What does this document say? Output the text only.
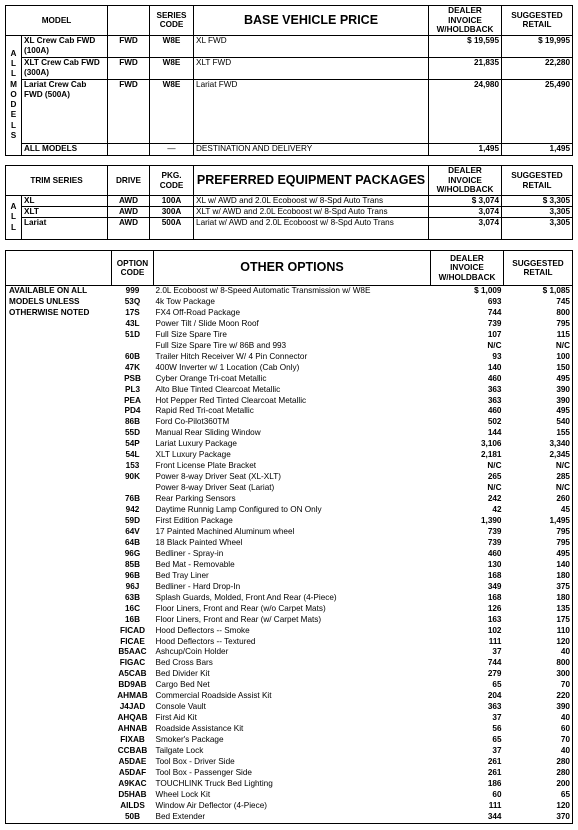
MODEL			SERIES CODE	BASE VEHICLE PRICE	DEALER INVOICE W/HOLDBACK	SUGGESTED RETAIL

A L L M O D E L S	XL Crew Cab FWD (100A)	FWD	W8E	XL FWD	$ 19,595	$ 19,995
	XLT Crew Cab FWD (300A)	FWD	W8E	XLT FWD	21,835	22,280
	Lariat Crew Cab FWD (500A)	FWD	W8E	Lariat FWD	24,980	25,490
	ALL MODELS		—	DESTINATION AND DELIVERY	1,495	1,495
TRIM SERIES		DRIVE	PKG. CODE	PREFERRED EQUIPMENT PACKAGES	DEALER INVOICE W/HOLDBACK	SUGGESTED RETAIL

A L L	XL	AWD	100A	XL w/ AWD and 2.0L Ecoboost w/ 8-Spd Auto Trans	$ 3,074	$ 3,305
	XLT	AWD	300A	XLT w/ AWD and 2.0L Ecoboost w/ 8-Spd Auto Trans	3,074	3,305
	Lariat	AWD	500A	Lariat w/ AWD and 2.0L Ecoboost w/ 8-Spd Auto Trans	3,074	3,305
	OPTION CODE	OTHER OPTIONS	DEALER INVOICE W/HOLDBACK	SUGGESTED RETAIL
AVAILABLE ON ALL MODELS UNLESS OTHERWISE NOTED	999	2.0L Ecoboost w/ 8-Speed Automatic Transmission w/ W8E	$ 1,009	$ 1,085
	53Q	4k Tow Package	693	745
	17S	FX4 Off-Road Package	744	800
	43L	Power Tilt / Slide Moon Roof	739	795
	51D	Full Size Spare Tire	107	115
		Full Size Spare Tire w/ 86B and 993	N/C	N/C
	60B	Trailer Hitch Receiver W/ 4 Pin Connector	93	100
	47K	400W Inverter w/ 1 Location (Cab Only)	140	150
	PSB	Cyber Orange Tri-coat Metallic	460	495
	PL3	Alto Blue Tinted Clearcoat Metallic	363	390
	PEA	Hot Pepper Red Tinted Clearcoat Metallic	363	390
	PD4	Rapid Red Tri-coat Metallic	460	495
	86B	Ford Co-Pilot360TM	502	540
	55D	Manual Rear Sliding Window	144	155
	54P	Lariat Luxury Package	3,106	3,340
	54L	XLT Luxury Package	2,181	2,345
	153	Front License Plate Bracket	N/C	N/C
	90K	Power 8-way Driver Seat (XL-XLT)	265	285
		Power 8-way Driver Seat (Lariat)	N/C	N/C
	76B	Rear Parking Sensors	242	260
	942	Daytime Runnig Lamp Configured to ON Only	42	45
	59D	First Edition Package	1,390	1,495
	64V	17 Painted Machined Aluminum wheel	739	795
	64B	18 Black Painted Wheel	739	795
	96G	Bedliner - Spray-in	460	495
	85B	Bed Mat - Removable	130	140
	96B	Bed Tray Liner	168	180
	96J	Bedliner - Hard Drop-In	349	375
	63B	Splash Guards, Molded, Front And Rear (4-Piece)	168	180
	16C	Floor Liners, Front and Rear (w/o Carpet Mats)	126	135
	16B	Floor Liners, Front and Rear (w/ Carpet Mats)	163	175
	FICAD	Hood Deflectors -- Smoke	102	110
	FICAE	Hood Deflectors -- Textured	111	120
	B5AAC	Ashcup/Coin Holder	37	40
	FIGAC	Bed Cross Bars	744	800
	A5CAB	Bed Divider Kit	279	300
	BD9AB	Cargo Bed Net	65	70
	AHMAB	Commercial Roadside Assist Kit	204	220
	J4JAD	Console Vault	363	390
	AHQAB	First Aid Kit	37	40
	AHNAB	Roadside Assistance Kit	56	60
	FIXAB	Smoker's Package	65	70
	CCBAB	Tailgate Lock	37	40
	A5DAE	Tool Box - Driver Side	261	280
	A5DAF	Tool Box - Passenger Side	261	280
	A9KAC	TOUCHLINK Truck Bed Lighting	186	200
	D5HAB	Wheel Lock Kit	60	65
	AILDS	Window Air Deflector (4-Piece)	111	120
	50B	Bed Extender	344	370
